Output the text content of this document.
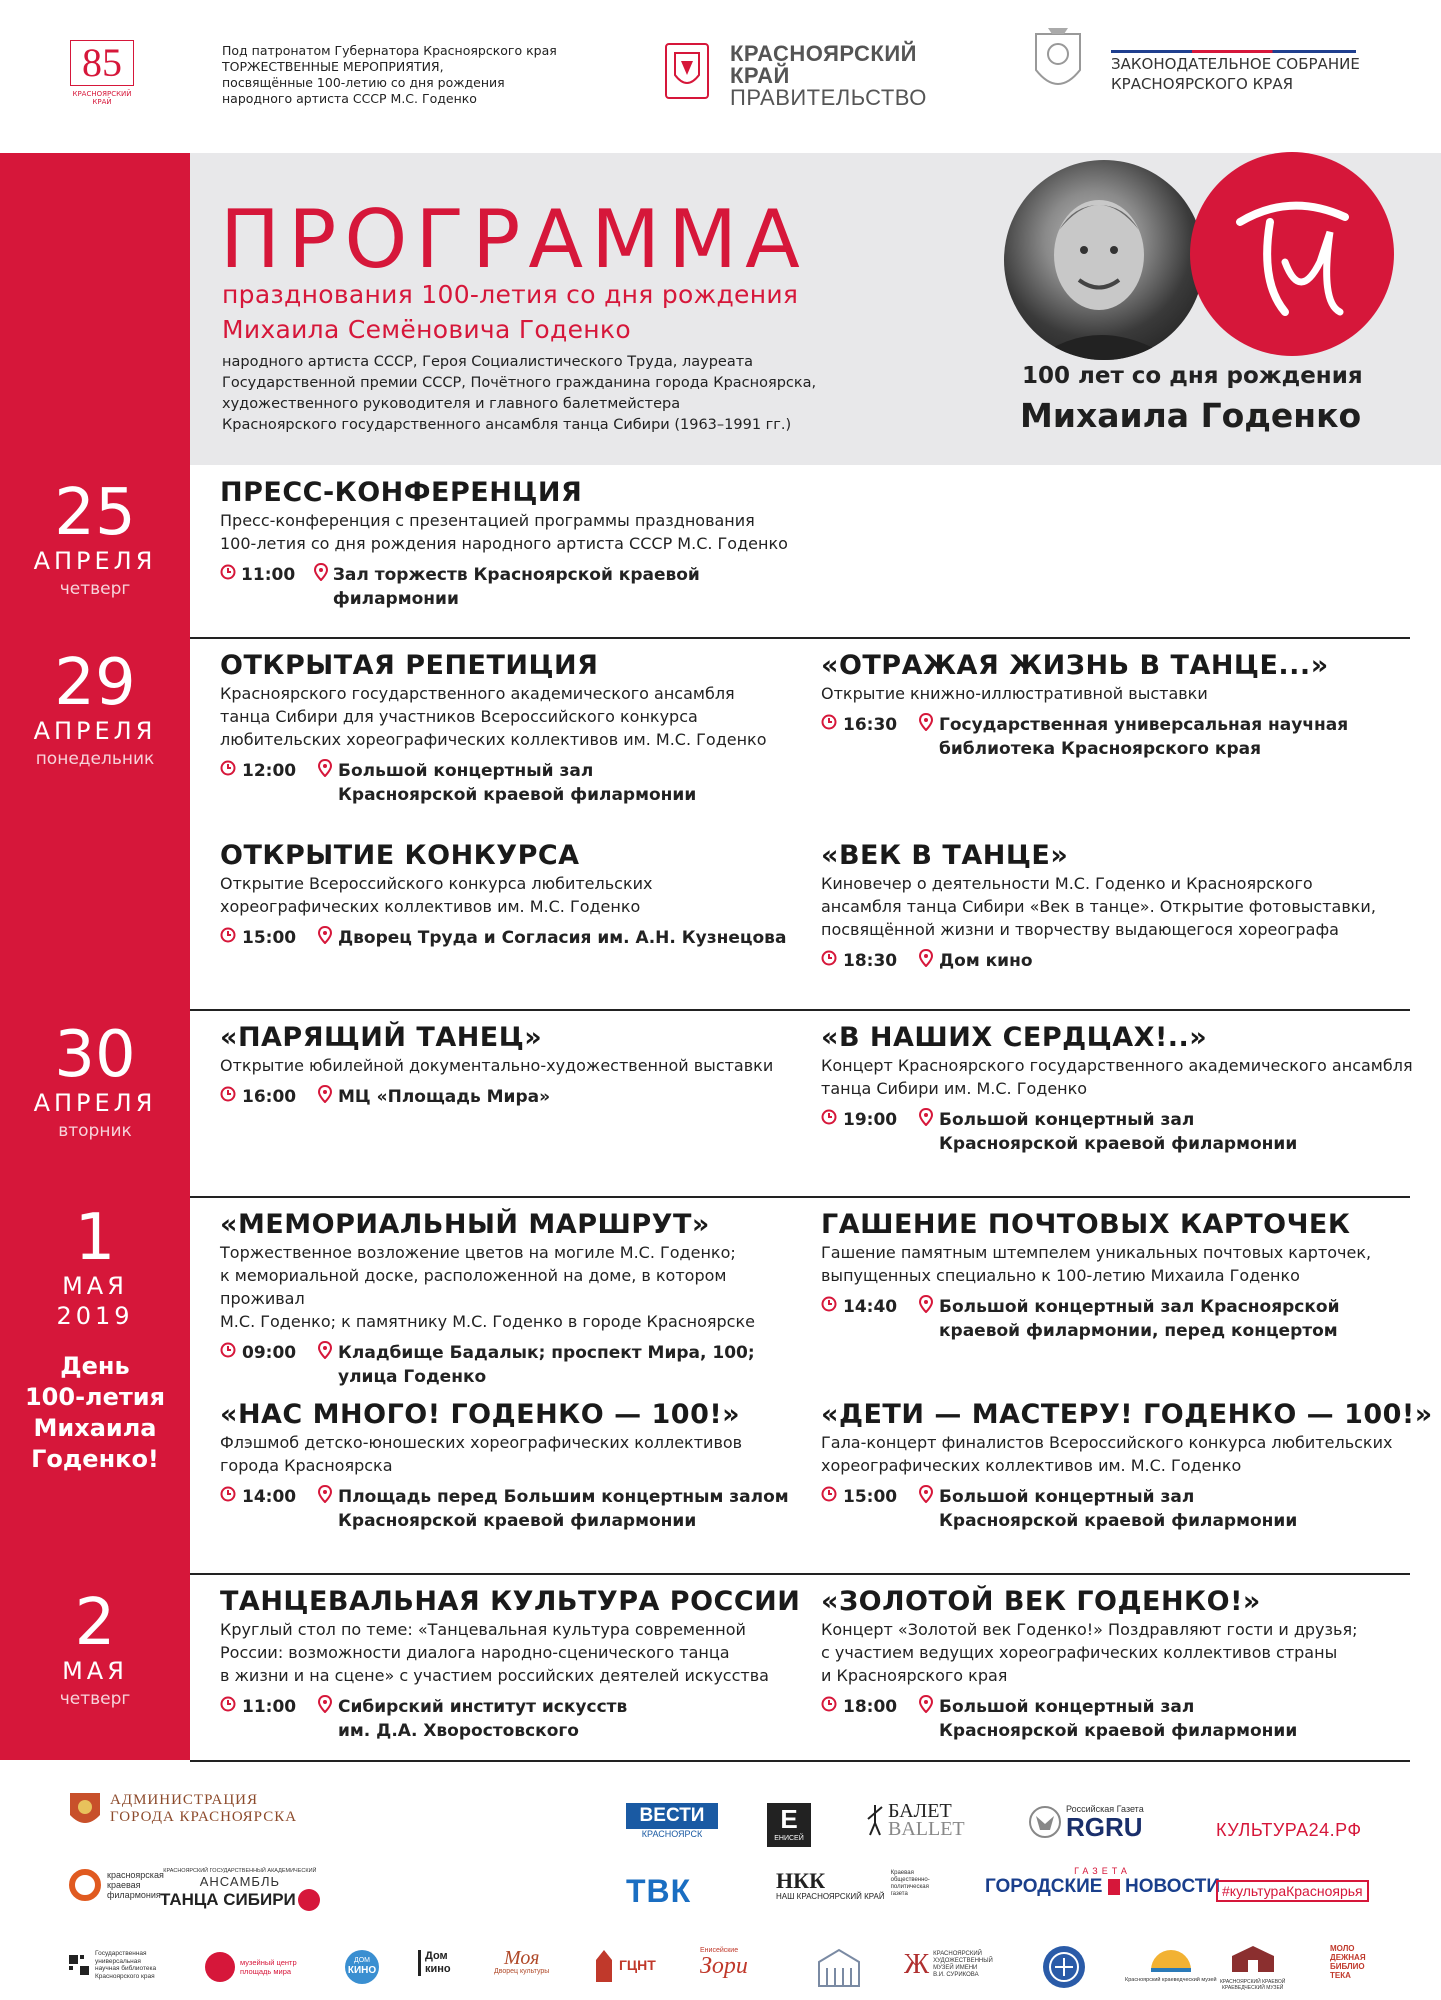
85
КРАСНОЯРСКИЙ
КРАЙ
Под патронатом Губернатора Красноярского края
ТОРЖЕСТВЕННЫЕ МЕРОПРИЯТИЯ,
посвящённые 100-летию со дня рождения
народного артиста СССР М.С. Годенко
КРАСНОЯРСКИЙ
КРАЙ
ПРАВИТЕЛЬСТВО
ЗАКОНОДАТЕЛЬНОЕ СОБРАНИЕ
КРАСНОЯРСКОГО КРАЯ
ПРОГРАММА
празднования 100-летия со дня рождения
Михаила Семёновича Годенко
народного артиста СССР, Героя Социалистического Труда, лауреата
Государственной премии СССР, Почётного гражданина города Красноярска,
художественного руководителя и главного балетмейстера
Красноярского государственного ансамбля танца Сибири (1963–1991 гг.)
100 лет со дня рождения
Михаила Годенко
25
АПРЕЛЯ
четверг
29
АПРЕЛЯ
понедельник
30
АПРЕЛЯ
вторник
1
МАЯ
2019
День
100-летия
Михаила
Годенко!
2
МАЯ
четверг
ПРЕСС-КОНФЕРЕНЦИЯ
Пресс-конференция с презентацией программы празднования
100-летия со дня рождения народного артиста СССР М.С. Годенко
11:00	Зал торжеств Красноярской краевой филармонии
ОТКРЫТАЯ РЕПЕТИЦИЯ
Красноярского государственного академического ансамбля
танца Сибири для участников Всероссийского конкурса
любительских хореографических коллективов им. М.С. Годенко
12:00	Большой концертный зал
Красноярской краевой филармонии
«ОТРАЖАЯ ЖИЗНЬ В ТАНЦЕ...»
Открытие книжно-иллюстративной выставки
16:30	Государственная универсальная научная
библиотека Красноярского края
ОТКРЫТИЕ КОНКУРСА
Открытие Всероссийского конкурса любительских
хореографических коллективов им. М.С. Годенко
15:00	Дворец Труда и Согласия им. А.Н. Кузнецова
«ВЕК В ТАНЦЕ»
Киновечер о деятельности М.С. Годенко и Красноярского
ансамбля танца Сибири «Век в танце». Открытие фотовыставки,
посвящённой жизни и творчеству выдающегося хореографа
18:30	Дом кино
«ПАРЯЩИЙ ТАНЕЦ»
Открытие юбилейной документально-художественной выставки
16:00	МЦ «Площадь Мира»
«В НАШИХ СЕРДЦАХ!..»
Концерт Красноярского государственного академического ансамбля
танца Сибири им. М.С. Годенко
19:00	Большой концертный зал
Красноярской краевой филармонии
«МЕМОРИАЛЬНЫЙ МАРШРУТ»
Торжественное возложение цветов на могиле М.С. Годенко;
к мемориальной доске, расположенной на доме, в котором проживал
М.С. Годенко; к памятнику М.С. Годенко в городе Красноярске
09:00	Кладбище Бадалык; проспект Мира, 100;
улица Годенко
ГАШЕНИЕ ПОЧТОВЫХ КАРТОЧЕК
Гашение памятным штемпелем уникальных почтовых карточек,
выпущенных специально к 100-летию Михаила Годенко
14:40	Большой концертный зал Красноярской
краевой филармонии, перед концертом
«НАС МНОГО! ГОДЕНКО — 100!»
Флэшмоб детско-юношеских хореографических коллективов
города Красноярска
14:00	Площадь перед Большим концертным залом
Красноярской краевой филармонии
«ДЕТИ — МАСТЕРУ! ГОДЕНКО — 100!»
Гала-концерт финалистов Всероссийского конкурса любительских
хореографических коллективов им. М.С. Годенко
15:00	Большой концертный зал
Красноярской краевой филармонии
ТАНЦЕВАЛЬНАЯ КУЛЬТУРА РОССИИ
Круглый стол по теме: «Танцевальная культура современной
России: возможности диалога народно-сценического танца
в жизни и на сцене» с участием российских деятелей искусства
11:00	Сибирский институт искусств
им. Д.А. Хворостовского
«ЗОЛОТОЙ ВЕК ГОДЕНКО!»
Концерт «Золотой век Годенко!» Поздравляют гости и друзья;
с участием ведущих хореографических коллективов страны
и Красноярского края
18:00	Большой концертный зал
Красноярской краевой филармонии
АДМИНИСТРАЦИЯ
ГОРОДА КРАСНОЯРСКА	ВЕСТИ
КРАСНОЯРСК	Е
ЕНИСЕЙ
БАЛЕТ
BALLET
Российская Газета
RGRU	КУЛЬТУРА24.РФ
красноярская
краевая
филармония
КРАСНОЯРСКИЙ ГОСУДАРСТВЕННЫЙ АКАДЕМИЧЕСКИЙ
АНСАМБЛЬ
ТАНЦА СИБИРИ	ТВК	НКК
НАШ КРАСНОЯРСКИЙ КРАЙ
Краевая
общественно-
политическая
газета
ГАЗЕТА
ГОРОДСКИЕ НОВОСТИ #культураКрасноярья
Государственная
универсальная
научная библиотека
Красноярского края
музейный центр
площадь мира
ДОМ
КИНО
Дом
кино	Моя
Дворец культуры	ГЦНТ
Енисейские
Зори	Ж КРАСНОЯРСКИЙ
ХУДОЖЕСТВЕННЫЙ
МУЗЕЙ ИМЕНИ
В.И. СУРИКОВА
Красноярский краеведческий музей КРАСНОЯРСКИЙ КРАЕВОЙ
КРАЕВЕДЧЕСКИЙ МУЗЕЙ
МОЛО
ДЕЖНАЯ
БИБЛИО
ТЕКА
